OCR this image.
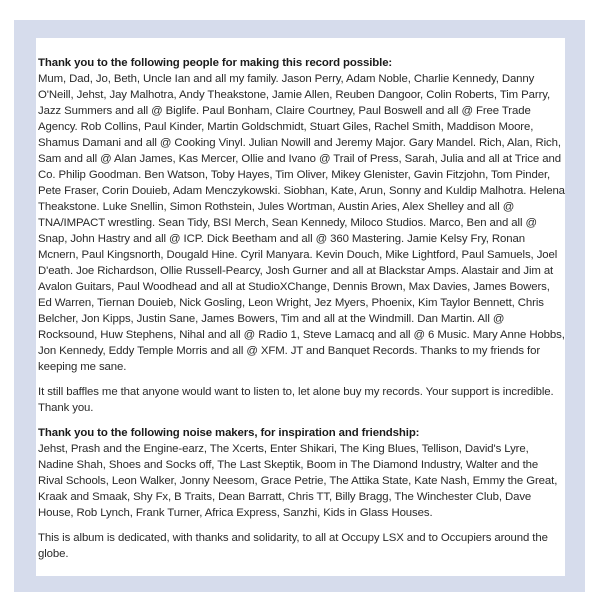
Thank you to the following people for making this record possible:

Mum, Dad, Jo, Beth, Uncle Ian and all my family. Jason Perry, Adam Noble, Charlie Kennedy, Danny O'Neill, Jehst, Jay Malhotra, Andy Theakstone, Jamie Allen, Reuben Dangoor, Colin Roberts, Tim Parry, Jazz Summers and all @ Biglife. Paul Bonham, Claire Courtney, Paul Boswell and all @ Free Trade Agency. Rob Collins, Paul Kinder, Martin Goldschmidt, Stuart Giles, Rachel Smith, Maddison Moore, Shamus Damani and all @ Cooking Vinyl. Julian Nowill and Jeremy Major. Gary Mandel. Rich, Alan, Rich, Sam and all @ Alan James, Kas Mercer, Ollie and Ivano @ Trail of Press, Sarah, Julia and all at Trice and Co. Philip Goodman. Ben Watson, Toby Hayes, Tim Oliver, Mikey Glenister, Gavin Fitzjohn, Tom Pinder, Pete Fraser, Corin Douieb, Adam Menczykowski. Siobhan, Kate, Arun, Sonny and Kuldip Malhotra. Helena Theakstone. Luke Snellin, Simon Rothstein, Jules Wortman, Austin Aries, Alex Shelley and all @ TNA/IMPACT wrestling. Sean Tidy, BSI Merch, Sean Kennedy, Miloco Studios. Marco, Ben and all @ Snap, John Hastry and all @ ICP. Dick Beetham and all @ 360 Mastering. Jamie Kelsy Fry, Ronan Mcnern, Paul Kingsnorth, Dougald Hine. Cyril Manyara. Kevin Douch, Mike Lightford, Paul Samuels, Joel D'eath. Joe Richardson, Ollie Russell-Pearcy, Josh Gurner and all at Blackstar Amps. Alastair and Jim at Avalon Guitars, Paul Woodhead and all at StudioXChange, Dennis Brown, Max Davies, James Bowers, Ed Warren, Tiernan Douieb, Nick Gosling, Leon Wright, Jez Myers, Phoenix, Kim Taylor Bennett, Chris Belcher, Jon Kipps, Justin Sane, James Bowers, Tim and all at the Windmill. Dan Martin. All @ Rocksound, Huw Stephens, Nihal and all @ Radio 1, Steve Lamacq and all @ 6 Music. Mary Anne Hobbs, Jon Kennedy, Eddy Temple Morris and all @ XFM. JT and Banquet Records. Thanks to my friends for keeping me sane.

It still baffles me that anyone would want to listen to, let alone buy my records. Your support is incredible. Thank you.

Thank you to the following noise makers, for inspiration and friendship:

Jehst, Prash and the Engine-earz, The Xcerts, Enter Shikari, The King Blues, Tellison, David's Lyre, Nadine Shah, Shoes and Socks off, The Last Skeptik, Boom in The Diamond Industry, Walter and the Rival Schools, Leon Walker, Jonny Neesom, Grace Petrie, The Attika State, Kate Nash, Emmy the Great, Kraak and Smaak, Shy Fx, B Traits, Dean Barratt, Chris TT, Billy Bragg, The Winchester Club, Dave House, Rob Lynch, Frank Turner, Africa Express, Sanzhi, Kids in Glass Houses.

This is album is dedicated, with thanks and solidarity, to all at Occupy LSX and to Occupiers around the globe.
